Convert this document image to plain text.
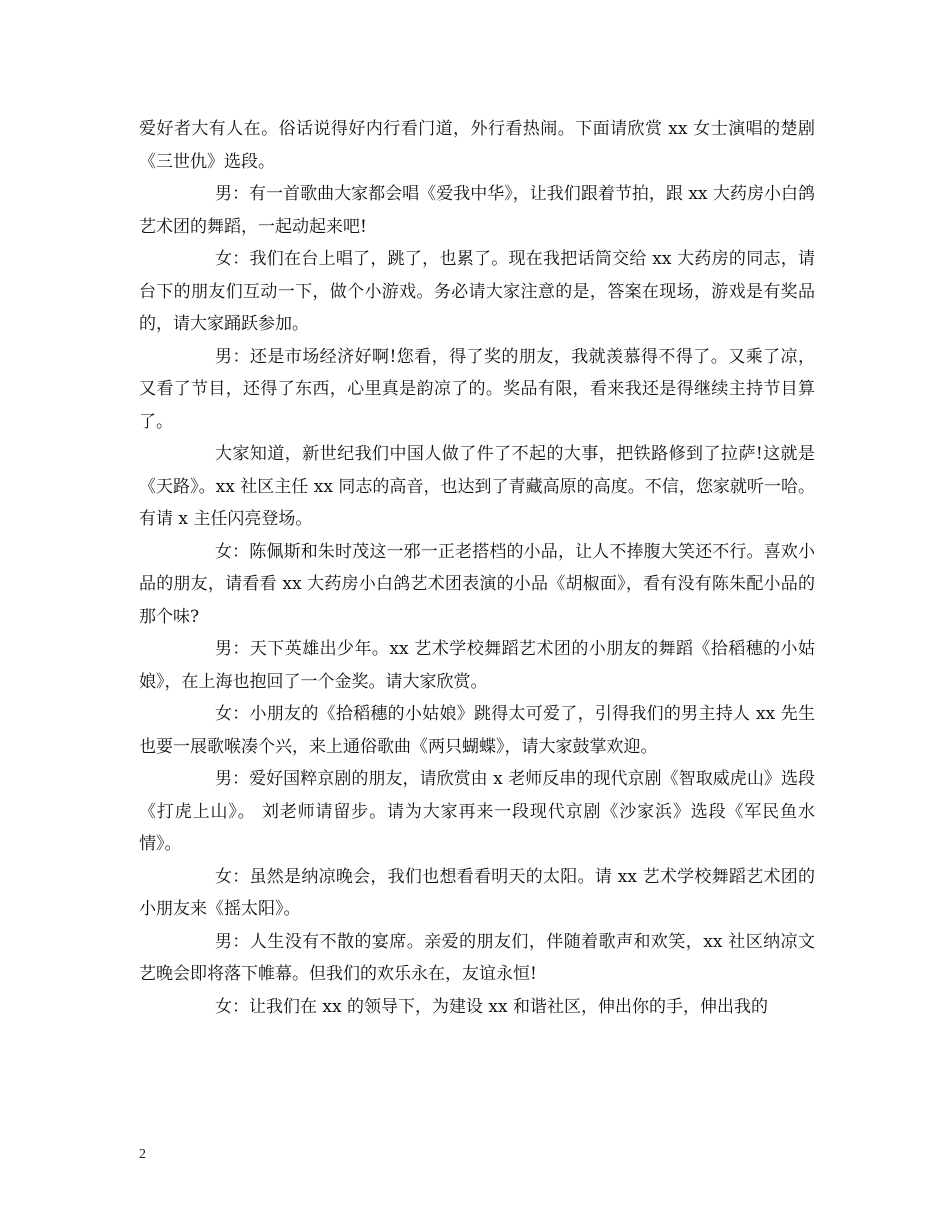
爱好者大有人在。俗话说得好内行看门道，外行看热闹。下面请欣赏 xx 女士演唱的楚剧《三世仇》选段。

男：有一首歌曲大家都会唱《爱我中华》，让我们跟着节拍，跟 xx 大药房小白鸽艺术团的舞蹈，一起动起来吧!

女：我们在台上唱了，跳了，也累了。现在我把话筒交给 xx 大药房的同志，请台下的朋友们互动一下，做个小游戏。务必请大家注意的是，答案在现场，游戏是有奖品的，请大家踊跃参加。

男：还是市场经济好啊!您看，得了奖的朋友，我就羡慕得不得了。又乘了凉，又看了节目，还得了东西，心里真是韵凉了的。奖品有限，看来我还是得继续主持节目算了。

大家知道，新世纪我们中国人做了件了不起的大事，把铁路修到了拉萨!这就是《天路》。xx 社区主任 xx 同志的高音，也达到了青藏高原的高度。不信，您家就听一哈。有请 x 主任闪亮登场。

女：陈佩斯和朱时茂这一邪一正老搭档的小品，让人不捧腹大笑还不行。喜欢小品的朋友，请看看 xx 大药房小白鸽艺术团表演的小品《胡椒面》，看有没有陈朱配小品的那个味?

男：天下英雄出少年。xx 艺术学校舞蹈艺术团的小朋友的舞蹈《拾稻穗的小姑娘》，在上海也抱回了一个金奖。请大家欣赏。

女：小朋友的《拾稻穗的小姑娘》跳得太可爱了，引得我们的男主持人 xx 先生也要一展歌喉凑个兴，来上通俗歌曲《两只蝴蝶》，请大家鼓掌欢迎。

男：爱好国粹京剧的朋友，请欣赏由 x 老师反串的现代京剧《智取威虎山》选段《打虎上山》。 刘老师请留步。请为大家再来一段现代京剧《沙家浜》选段《军民鱼水情》。

女：虽然是纳凉晚会，我们也想看看明天的太阳。请 xx 艺术学校舞蹈艺术团的小朋友来《摇太阳》。

男：人生没有不散的宴席。亲爱的朋友们，伴随着歌声和欢笑，xx 社区纳凉文艺晚会即将落下帷幕。但我们的欢乐永在，友谊永恒!

女：让我们在 xx 的领导下，为建设 xx 和谐社区，伸出你的手，伸出我的

2
